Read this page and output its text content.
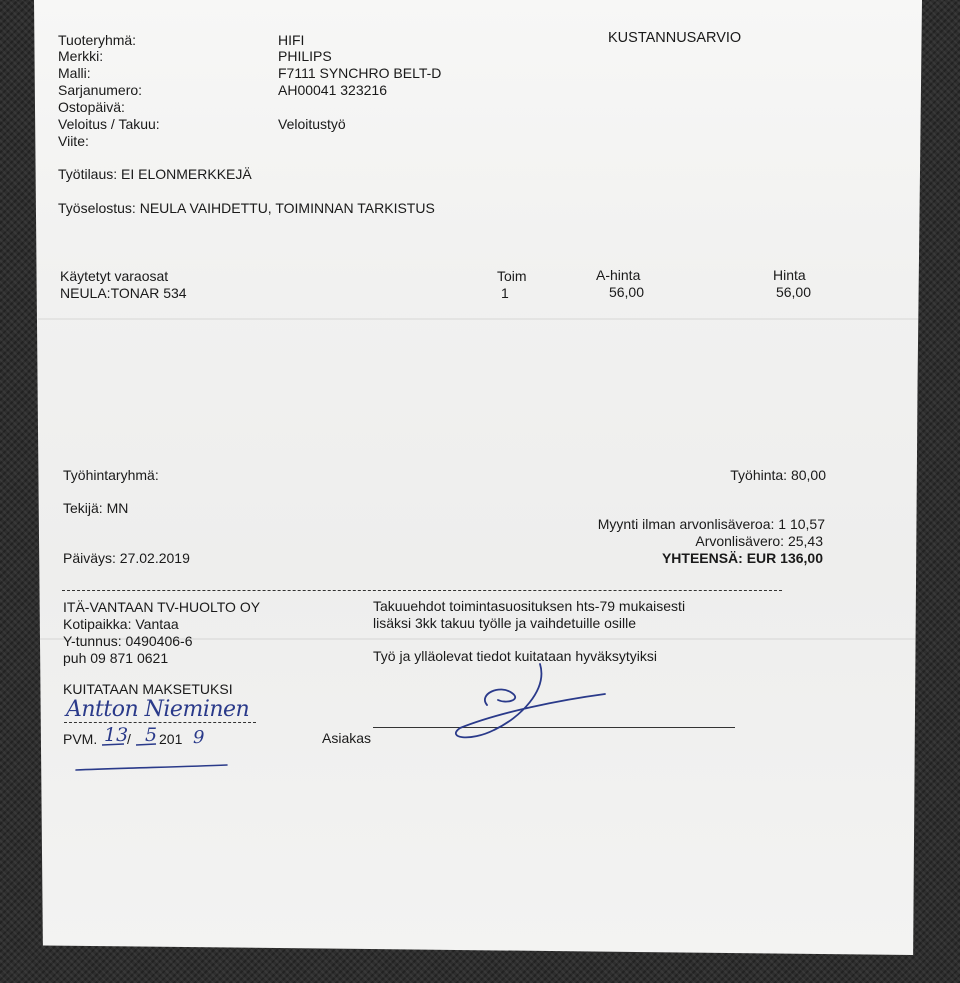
KUSTANNUSARVIO
Tuoteryhmä:	HIFI
Merkki:	PHILIPS
Malli:	F7111 SYNCHRO BELT-D
Sarjanumero:	AH00041 323216
Ostopäivä:
Veloitus / Takuu:	Veloitustyö
Viite:
Työtilaus: EI ELONMERKKEJÄ
Työselostus: NEULA VAIHDETTU, TOIMINNAN TARKISTUS
Käytetyt varaosat	Toim	A-hinta	Hinta
NEULA:TONAR 534	1	56,00	56,00
Työhintaryhmä:	Työhinta: 80,00
Tekijä: MN
Myynti ilman arvonlisäveroa: 1 10,57
Arvonlisävero: 25,43
YHTEENSÄ: EUR 136,00
Päiväys: 27.02.2019
ITÄ-VANTAAN TV-HUOLTO OY
Kotipaikka: Vantaa
Y-tunnus: 0490406-6
puh 09 871 0621
Takuuehdot toimintasuosituksen hts-79 mukaisesti
lisäksi 3kk takuu työlle ja vaihdetuille osille
Työ ja ylläolevat tiedot kuitataan hyväksytyiksi
KUITATAAN MAKSETUKSI
Antton Nieminen
PVM. 13
/ 5 201 9	Asiakas
